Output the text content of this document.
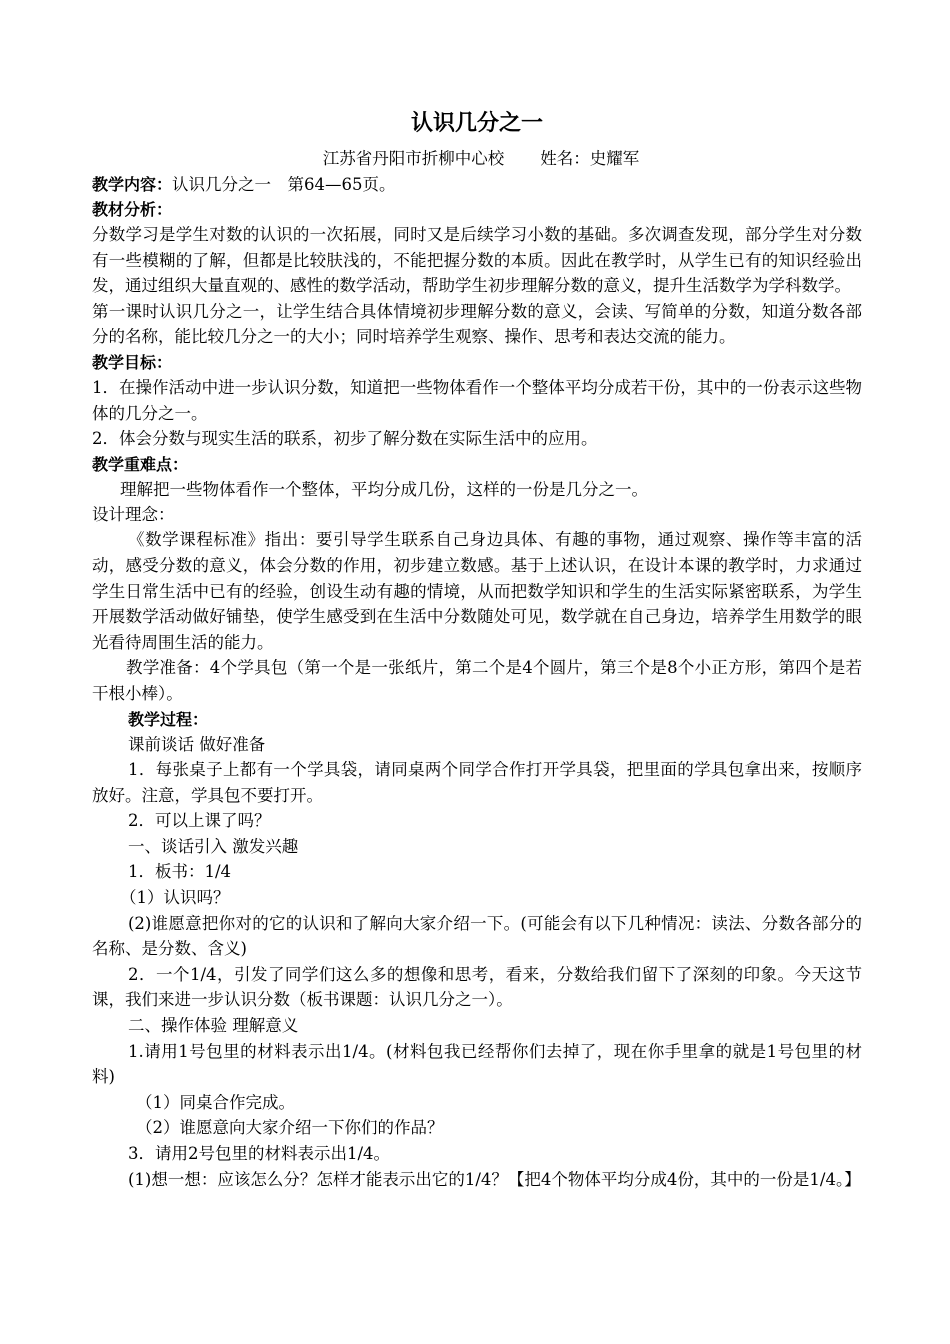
认识几分之一
江苏省丹阳市折柳中心校 姓名：史耀军
教学内容：认识几分之一　第64—65页。
教材分析：

分数学习是学生对数的认识的一次拓展，同时又是后续学习小数的基础。多次调查发现，部分学生对分数有一些模糊的了解，但都是比较肤浅的，不能把握分数的本质。因此在教学时，从学生已有的知识经验出发，通过组织大量直观的、感性的数学活动，帮助学生初步理解分数的意义，提升生活数学为学科数学。

第一课时认识几分之一，让学生结合具体情境初步理解分数的意义，会读、写简单的分数，知道分数各部分的名称，能比较几分之一的大小；同时培养学生观察、操作、思考和表达交流的能力。

教学目标：

1．在操作活动中进一步认识分数，知道把一些物体看作一个整体平均分成若干份，其中的一份表示这些物体的几分之一。

2．体会分数与现实生活的联系，初步了解分数在实际生活中的应用。

教学重难点：

理解把一些物体看作一个整体，平均分成几份，这样的一份是几分之一。

设计理念：

《数学课程标准》指出：要引导学生联系自己身边具体、有趣的事物，通过观察、操作等丰富的活动，感受分数的意义，体会分数的作用，初步建立数感。基于上述认识，在设计本课的教学时，力求通过学生日常生活中已有的经验，创设生动有趣的情境，从而把数学知识和学生的生活实际紧密联系，为学生开展数学活动做好铺垫，使学生感受到在生活中分数随处可见，数学就在自己身边，培养学生用数学的眼光看待周围生活的能力。

教学准备：4个学具包（第一个是一张纸片，第二个是4个圆片，第三个是8个小正方形，第四个是若干根小棒）。

教学过程：

课前谈话 做好准备

1．每张桌子上都有一个学具袋，请同桌两个同学合作打开学具袋，把里面的学具包拿出来，按顺序放好。注意，学具包不要打开。

2．可以上课了吗？

一、谈话引入 激发兴趣

1．板书：1/4

（1）认识吗？

(2)谁愿意把你对的它的认识和了解向大家介绍一下。(可能会有以下几种情况：读法、分数各部分的名称、是分数、含义)

2．一个1/4，引发了同学们这么多的想像和思考，看来，分数给我们留下了深刻的印象。今天这节课，我们来进一步认识分数（板书课题：认识几分之一）。

二、操作体验 理解意义

1.请用1号包里的材料表示出1/4。(材料包我已经帮你们去掉了，现在你手里拿的就是1号包里的材料)

（1）同桌合作完成。

（2）谁愿意向大家介绍一下你们的作品？

3．请用2号包里的材料表示出1/4。

(1)想一想：应该怎么分？怎样才能表示出它的1/4？【把4个物体平均分成4份，其中的一份是1/4。】
